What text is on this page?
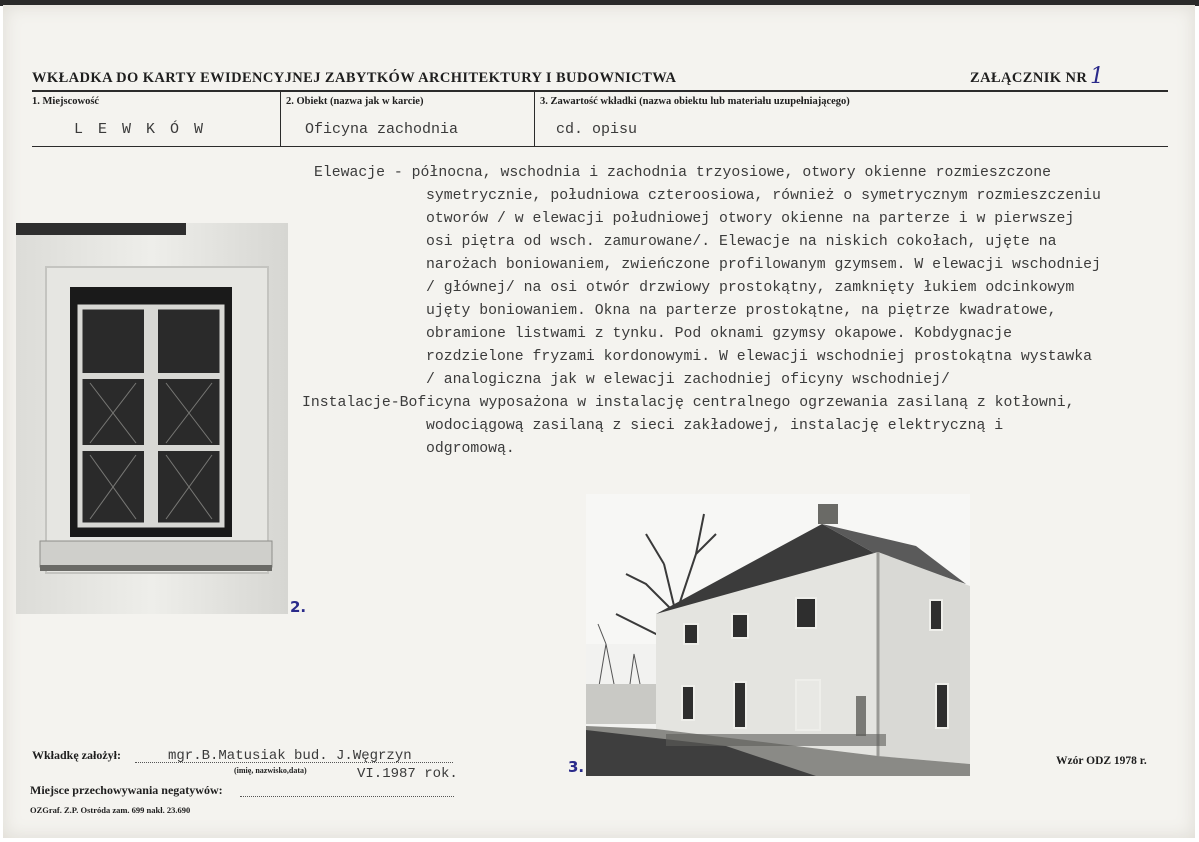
WKŁADKA DO KARTY EWIDENCYJNEJ ZABYTKÓW ARCHITEKTURY I BUDOWNICTWA	ZAŁĄCZNIK NR 1
1. Miejscowość	2. Obiekt (nazwa jak w karcie)	3. Zawartość wkładki (nazwa obiektu lub materiału uzupełniającego)
L E W K Ó W	Oficyna zachodnia	cd. opisu
Elewacje - północna, wschodnia i zachodnia trzyosiowe, otwory okienne rozmieszczone
symetrycznie, południowa czteroosiowa, również o symetrycznym rozmieszczeniu
otworów / w elewacji południowej otwory okienne na parterze i w pierwszej
osi piętra od wsch. zamurowane/. Elewacje na niskich cokołach, ujęte na
narożach boniowaniem, zwieńczone profilowanym gzymsem. W elewacji wschodniej
/ głównej/ na osi otwór drzwiowy prostokątny, zamknięty łukiem odcinkowym
ujęty boniowaniem. Okna na parterze prostokątne, na piętrze kwadratowe,
obramione listwami z tynku. Pod oknami gzymsy okapowe. Kobdygnacje
rozdzielone fryzami kordonowymi. W elewacji wschodniej prostokątna wystawka
/ analogiczna jak w elewacji zachodniej oficyny wschodniej/
Instalacje-Boficyna wyposażona w instalację centralnego ogrzewania zasilaną z kotłowni,
wodociągową zasilaną z sieci zakładowej, instalację elektryczną i
odgromową.
2.
3.
Wkładkę założył:	mgr.B.Matusiak bud. J.Węgrzyn
(imię, nazwisko,data)	VI.1987 rok.
Miejsce przechowywania negatywów:
Wzór ODZ 1978 r.
OZGraf. Z.P. Ostróda zam. 699 nakł. 23.690
